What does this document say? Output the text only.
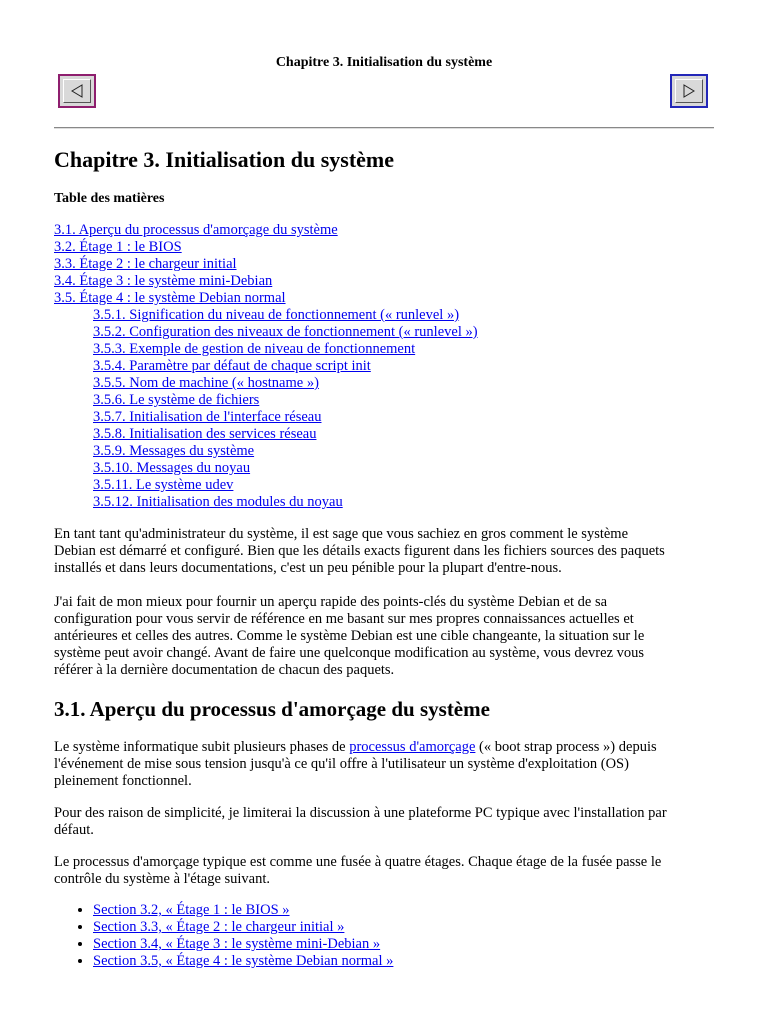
Chapitre 3. Initialisation du système
Chapitre 3. Initialisation du système
Table des matières
3.1. Aperçu du processus d'amorçage du système
3.2. Étage 1 : le BIOS
3.3. Étage 2 : le chargeur initial
3.4. Étage 3 : le système mini-Debian
3.5. Étage 4 : le système Debian normal
3.5.1. Signification du niveau de fonctionnement (« runlevel »)
3.5.2. Configuration des niveaux de fonctionnement (« runlevel »)
3.5.3. Exemple de gestion de niveau de fonctionnement
3.5.4. Paramètre par défaut de chaque script init
3.5.5. Nom de machine (« hostname »)
3.5.6. Le système de fichiers
3.5.7. Initialisation de l'interface réseau
3.5.8. Initialisation des services réseau
3.5.9. Messages du système
3.5.10. Messages du noyau
3.5.11. Le système udev
3.5.12. Initialisation des modules du noyau
En tant tant qu'administrateur du système, il est sage que vous sachiez en gros comment le système
Debian est démarré et configuré. Bien que les détails exacts figurent dans les fichiers sources des paquets
installés et dans leurs documentations, c'est un peu pénible pour la plupart d'entre-nous.
J'ai fait de mon mieux pour fournir un aperçu rapide des points-clés du système Debian et de sa
configuration pour vous servir de référence en me basant sur mes propres connaissances actuelles et
antérieures et celles des autres. Comme le système Debian est une cible changeante, la situation sur le
système peut avoir changé. Avant de faire une quelconque modification au système, vous devrez vous
référer à la dernière documentation de chacun des paquets.
3.1. Aperçu du processus d'amorçage du système
Le système informatique subit plusieurs phases de processus d'amorçage (« boot strap process ») depuis
l'événement de mise sous tension jusqu'à ce qu'il offre à l'utilisateur un système d'exploitation (OS)
pleinement fonctionnel.
Pour des raison de simplicité, je limiterai la discussion à une plateforme PC typique avec l'installation par
défaut.
Le processus d'amorçage typique est comme une fusée à quatre étages. Chaque étage de la fusée passe le
contrôle du système à l'étage suivant.
• Section 3.2, « Étage 1 : le BIOS »
• Section 3.3, « Étage 2 : le chargeur initial »
• Section 3.4, « Étage 3 : le système mini-Debian »
• Section 3.5, « Étage 4 : le système Debian normal »
